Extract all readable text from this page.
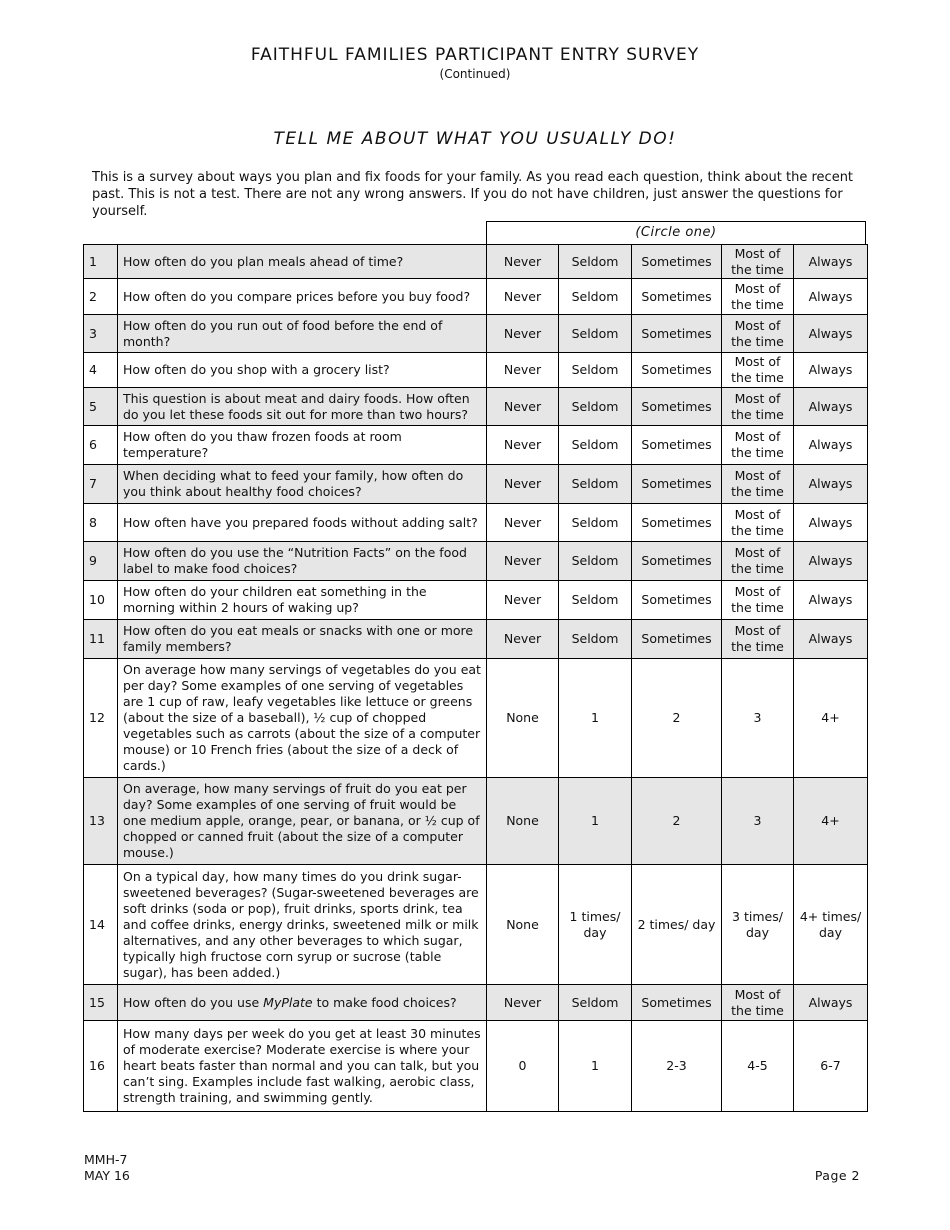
FAITHFUL FAMILIES PARTICIPANT ENTRY SURVEY
(Continued)
TELL ME ABOUT WHAT YOU USUALLY DO!
This is a survey about ways you plan and fix foods for your family. As you read each question, think about the recent past. This is not a test. There are not any wrong answers. If you do not have children, just answer the questions for yourself.
(Circle one)
1	How often do you plan meals ahead of time?	Never	Seldom	Sometimes	Most of the time	Always
2	How often do you compare prices before you buy food?	Never	Seldom	Sometimes	Most of the time	Always
3	How often do you run out of food before the end of month?	Never	Seldom	Sometimes	Most of the time	Always
4	How often do you shop with a grocery list?	Never	Seldom	Sometimes	Most of the time	Always
5	This question is about meat and dairy foods. How often do you let these foods sit out for more than two hours?	Never	Seldom	Sometimes	Most of the time	Always
6	How often do you thaw frozen foods at room temperature?	Never	Seldom	Sometimes	Most of the time	Always
7	When deciding what to feed your family, how often do you think about healthy food choices?	Never	Seldom	Sometimes	Most of the time	Always
8	How often have you prepared foods without adding salt?	Never	Seldom	Sometimes	Most of the time	Always
9	How often do you use the “Nutrition Facts” on the food label to make food choices?	Never	Seldom	Sometimes	Most of the time	Always
10	How often do your children eat something in the morning within 2 hours of waking up?	Never	Seldom	Sometimes	Most of the time	Always
11	How often do you eat meals or snacks with one or more family members?	Never	Seldom	Sometimes	Most of the time	Always
12	On average how many servings of vegetables do you eat per day? Some examples of one serving of vegetables are 1 cup of raw, leafy vegetables like lettuce or greens (about the size of a baseball), ½ cup of chopped vegetables such as carrots (about the size of a computer mouse) or 10 French fries (about the size of a deck of cards.)	None	1	2	3	4+
13	On average, how many servings of fruit do you eat per day? Some examples of one serving of fruit would be one medium apple, orange, pear, or banana, or ½ cup of chopped or canned fruit (about the size of a computer mouse.)	None	1	2	3	4+
14	On a typical day, how many times do you drink sugar-sweetened beverages? (Sugar-sweetened beverages are soft drinks (soda or pop), fruit drinks, sports drink, tea and coffee drinks, energy drinks, sweetened milk or milk alternatives, and any other beverages to which sugar, typically high fructose corn syrup or sucrose (table sugar), has been added.)	None	1 times/ day	2 times/ day	3 times/ day	4+ times/ day
15	How often do you use MyPlate to make food choices?	Never	Seldom	Sometimes	Most of the time	Always
16	How many days per week do you get at least 30 minutes of moderate exercise? Moderate exercise is where your heart beats faster than normal and you can talk, but you can’t sing. Examples include fast walking, aerobic class, strength training, and swimming gently.	0	1	2-3	4-5	6-7
MMH-7
MAY 16	Page 2
